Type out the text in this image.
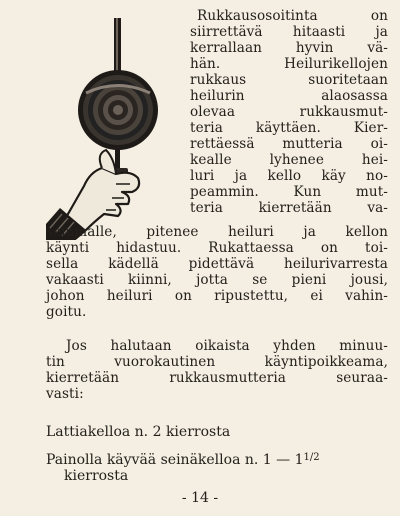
Rukkausosoitinta on
siirrettävä hitaasti ja
kerrallaan hyvin vä-
hän. Heilurikellojen
rukkaus suoritetaan
heilurin alaosassa
olevaa rukkausmut-
teria käyttäen. Kier-
rettäessä mutteria oi-
kealle lyhenee hei-
luri ja kello käy no-
peammin. Kun mut-
teria kierretään va-
semmalle, pitenee heiluri ja kellon
käynti hidastuu. Rukattaessa on toi-
sella kädellä pidettävä heilurivarresta
vakaasti kiinni, jotta se pieni jousi,
johon heiluri on ripustettu, ei vahin-
goitu.
Jos halutaan oikaista yhden minuu-
tin vuorokautinen käyntipoikkeama,
kierretään rukkausmutteria seuraa-
vasti:
Lattiakelloa n. 2 kierrosta
Painolla käyvää seinäkelloa n. 1 — $1^{1/2}$
kierrosta
- 14 -
